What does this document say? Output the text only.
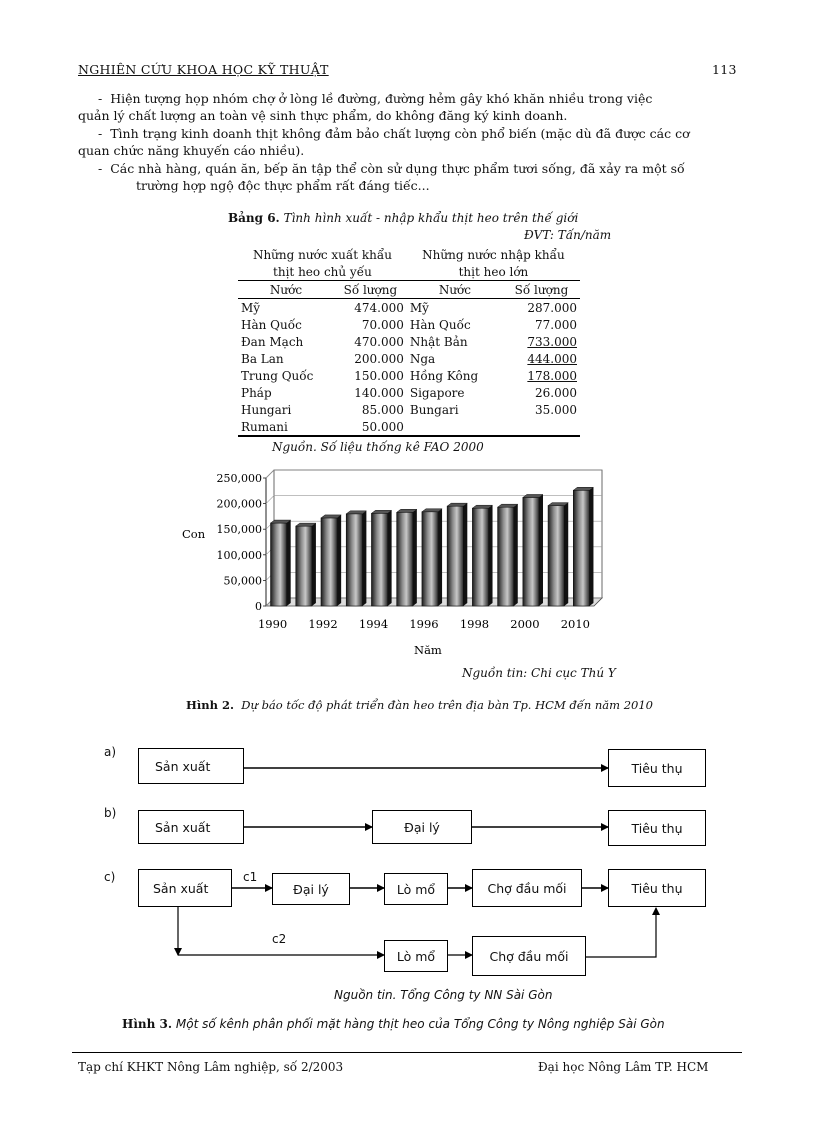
NGHIÊN CỨU KHOA HỌC KỸ THUẬT	113
- Hiện tượng họp nhóm chợ ở lòng lề đường, đường hẻm gây khó khăn nhiều trong việc
quản lý chất lượng an toàn vệ sinh thực phẩm, do không đăng ký kinh doanh.
- Tình trạng kinh doanh thịt không đảm bảo chất lượng còn phổ biến (mặc dù đã được các cơ
quan chức năng khuyến cáo nhiều).
- Các nhà hàng, quán ăn, bếp ăn tập thể còn sử dụng thực phẩm tươi sống, đã xảy ra một số
trường hợp ngộ độc thực phẩm rất đáng tiếc...
Bảng 6. Tình hình xuất - nhập khẩu thịt heo trên thế giới
ĐVT: Tấn/năm
Những nước xuất khẩu		Những nước nhập khẩu	
thịt heo chủ yếu		thịt heo lớn	
Nước	Số lượng	Nước	Số lượng
Mỹ	474.000	Mỹ	287.000
Hàn Quốc	70.000	Hàn Quốc	77.000
Đan Mạch	470.000	Nhật Bản	733.000
Ba Lan	200.000	Nga	444.000
Trung Quốc	150.000	Hồng Kông	178.000
Pháp	140.000	Sigapore	26.000
Hungari	85.000	Bungari	35.000
Rumani	50.000		
Nguồn. Số liệu thống kê FAO 2000
0
50,000
100,000
150,000
200,000
250,000
1990 1992 1994 1996 1998 2000 2010
Con
Năm
Nguồn tin: Chi cục Thú Y
Hình 2. Dự báo tốc độ phát triển đàn heo trên địa bàn Tp. HCM đến năm 2010
a)
Sản xuất	Tiêu thụ
b)
Sản xuất	Đại lý	Tiêu thụ
c)
Sản xuất
c1
Đại lý	Lò mổ	Chợ đầu mối	Tiêu thụ
c2
Lò mổ	Chợ đầu mối
Nguồn tin. Tổng Công ty NN Sài Gòn
Hình 3. Một số kênh phân phối mặt hàng thịt heo của Tổng Công ty Nông nghiệp Sài Gòn
Tạp chí KHKT Nông Lâm nghiệp, số 2/2003	Đại học Nông Lâm TP. HCM
